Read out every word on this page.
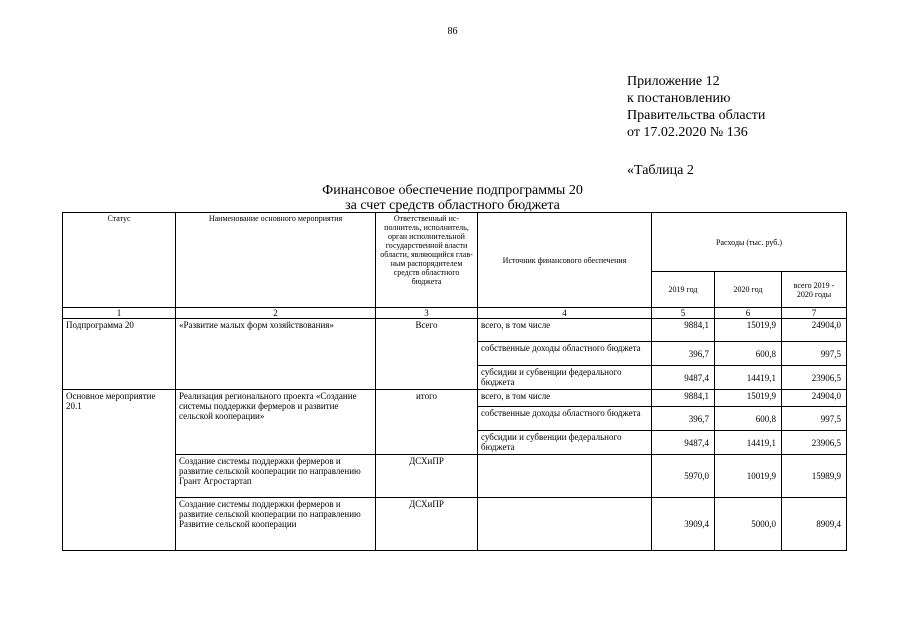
86
Приложение 12
к постановлению
Правительства области
от 17.02.2020 № 136
«Таблица 2
Финансовое обеспечение подпрограммы 20
за счет средств областного бюджета
Статус	Наименование основного мероприятия	Ответственный исполнитель, исполнитель, орган исполнительной государственной власти области, являющийся главным распорядителем средств областного бюджета	Источник финансового обеспечения	Расходы (тыс. руб.)		
				2019 год	2020 год	всего 2019 - 2020 годы
1	2	3	4	5	6	7
Подпрограмма 20	«Развитие малых форм хозяйствования»	Всего	всего, в том числе	9884,1	15019,9	24904,0
			собственные доходы областного бюджета	396,7	600,8	997,5
			субсидии и субвенции федерального бюджета	9487,4	14419,1	23906,5
Основное мероприятие 20.1	Реализация регионального проекта «Создание системы поддержки фермеров и развитие сельской кооперации»	итого	всего, в том числе	9884,1	15019,9	24904,0
			собственные доходы областного бюджета	396,7	600,8	997,5
			субсидии и субвенции федерального бюджета	9487,4	14419,1	23906,5
	Создание системы поддержки фермеров и развитие сельской кооперации по направлению Грант Агростартап	ДСХиПР		5970,0	10019,9	15989,9
	Создание системы поддержки фермеров и развитие сельской кооперации по направлению Развитие сельской кооперации	ДСХиПР		3909,4	5000,0	8909,4
